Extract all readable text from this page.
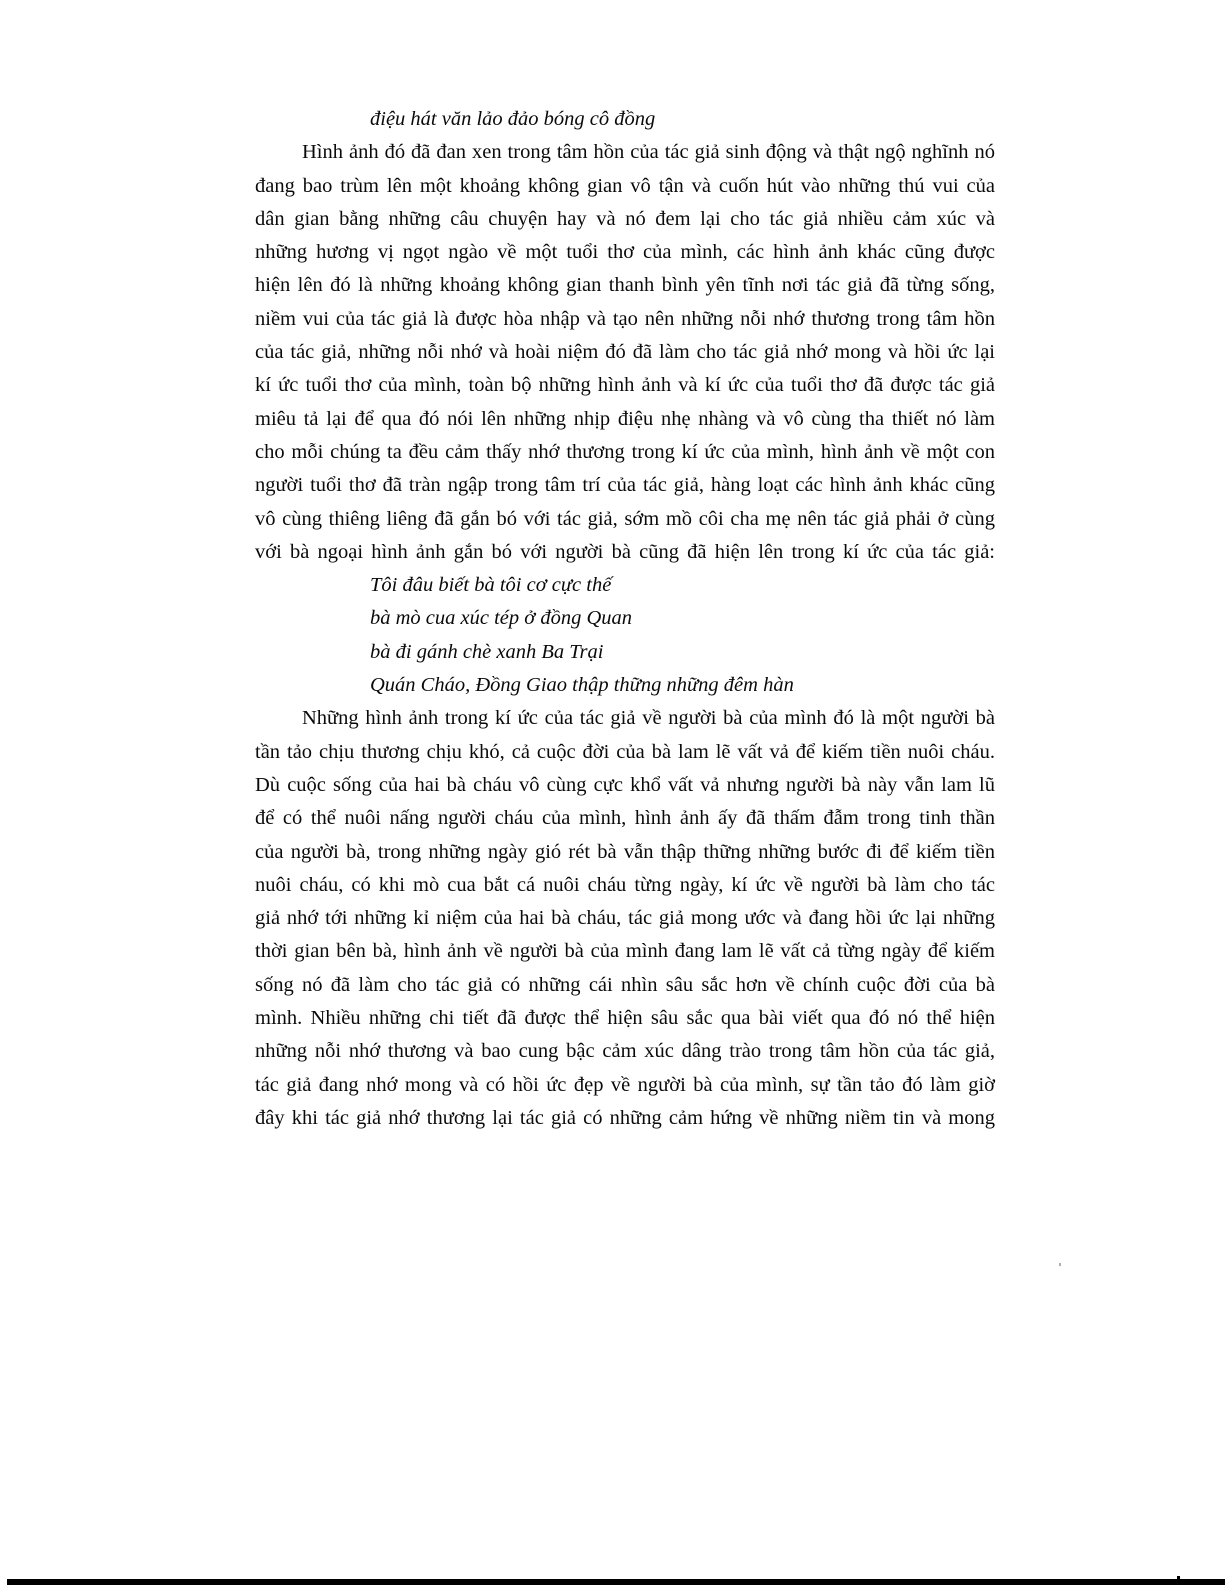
điệu hát văn lảo đảo bóng cô đồng
Hình ảnh đó đã đan xen trong tâm hồn của tác giả sinh động và thật ngộ nghĩnh nó
đang bao trùm lên một khoảng không gian vô tận và cuốn hút vào những thú vui của
dân gian bằng những câu chuyện hay và nó đem lại cho tác giả nhiều cảm xúc và
những hương vị ngọt ngào về một tuổi thơ của mình, các hình ảnh khác cũng được
hiện lên đó là những khoảng không gian thanh bình yên tĩnh nơi tác giả đã từng sống,
niềm vui của tác giả là được hòa nhập và tạo nên những nỗi nhớ thương trong tâm hồn
của tác giả, những nỗi nhớ và hoài niệm đó đã làm cho tác giả nhớ mong và hồi ức lại
kí ức tuổi thơ của mình, toàn bộ những hình ảnh và kí ức của tuổi thơ đã được tác giả
miêu tả lại để qua đó nói lên những nhịp điệu nhẹ nhàng và vô cùng tha thiết nó làm
cho mỗi chúng ta đều cảm thấy nhớ thương trong kí ức của mình, hình ảnh về một con
người tuổi thơ đã tràn ngập trong tâm trí của tác giả, hàng loạt các hình ảnh khác cũng
vô cùng thiêng liêng đã gắn bó với tác giả, sớm mồ côi cha mẹ nên tác giả phải ở cùng
với bà ngoại hình ảnh gắn bó với người bà cũng đã hiện lên trong kí ức của tác giả:
Tôi đâu biết bà tôi cơ cực thế
bà mò cua xúc tép ở đồng Quan
bà đi gánh chè xanh Ba Trại
Quán Cháo, Đồng Giao thập thững những đêm hàn
Những hình ảnh trong kí ức của tác giả về người bà của mình đó là một người bà
tần tảo chịu thương chịu khó, cả cuộc đời của bà lam lẽ vất vả để kiếm tiền nuôi cháu.
Dù cuộc sống của hai bà cháu vô cùng cực khổ vất vả nhưng người bà này vẫn lam lũ
để có thể nuôi nấng người cháu của mình, hình ảnh ấy đã thấm đẫm trong tinh thần
của người bà, trong những ngày gió rét bà vẫn thập thững những bước đi để kiếm tiền
nuôi cháu, có khi mò cua bắt cá nuôi cháu từng ngày, kí ức về người bà làm cho tác
giả nhớ tới những kỉ niệm của hai bà cháu, tác giả mong ước và đang hồi ức lại những
thời gian bên bà, hình ảnh về người bà của mình đang lam lẽ vất cả từng ngày để kiếm
sống nó đã làm cho tác giả có những cái nhìn sâu sắc hơn về chính cuộc đời của bà
mình. Nhiều những chi tiết đã được thể hiện sâu sắc qua bài viết qua đó nó thể hiện
những nỗi nhớ thương và bao cung bậc cảm xúc dâng trào trong tâm hồn của tác giả,
tác giả đang nhớ mong và có hồi ức đẹp về người bà của mình, sự tần tảo đó làm giờ
đây khi tác giả nhớ thương lại tác giả có những cảm hứng về những niềm tin và mong
